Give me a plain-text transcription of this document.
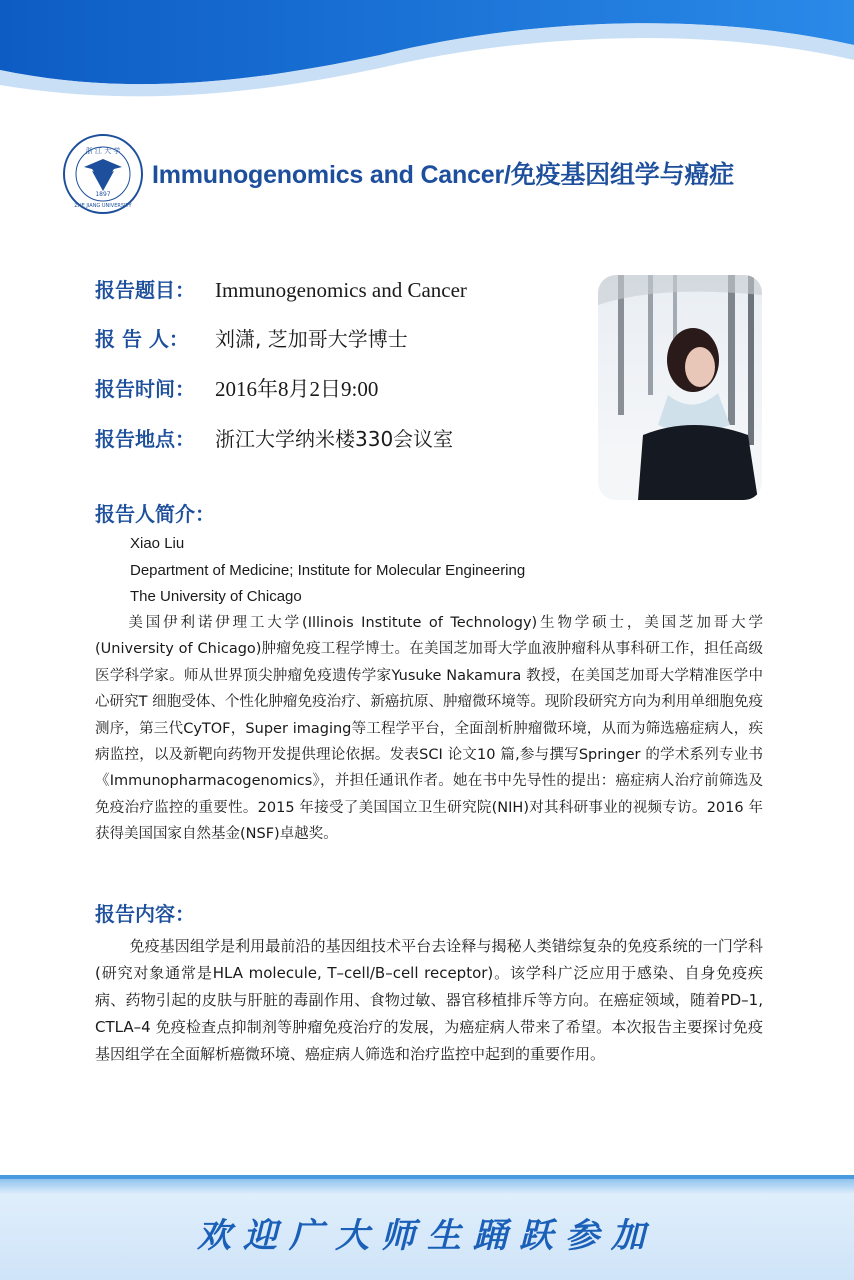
浙 江 大 学
1897
ZHE JIANG UNIVERSITY
Immunogenomics and Cancer/免疫基因组学与癌症
报告题目： Immunogenomics and Cancer
报 告 人：	刘潇, 芝加哥大学博士
报告时间： 2016年8月2日9:00
报告地点：	浙江大学纳米楼330会议室
报告人简介：
Xiao Liu
Department of Medicine; Institute for Molecular Engineering
The University of Chicago
美国伊利诺伊理工大学(Illinois Institute of Technology)生物学硕士，美国芝加哥大学(University of Chicago)肿瘤免疫工程学博士。在美国芝加哥大学血液肿瘤科从事科研工作，担任高级医学科学家。师从世界顶尖肿瘤免疫遗传学家Yusuke Nakamura 教授，在美国芝加哥大学精准医学中心研究T 细胞受体、个性化肿瘤免疫治疗、新癌抗原、肿瘤微环境等。现阶段研究方向为利用单细胞免疫测序，第三代CyTOF，Super imaging等工程学平台，全面剖析肿瘤微环境，从而为筛选癌症病人，疾病监控，以及新靶向药物开发提供理论依据。发表SCI 论文10 篇,参与撰写Springer 的学术系列专业书《Immunopharmacogenomics》，并担任通讯作者。她在书中先导性的提出：癌症病人治疗前筛选及免疫治疗监控的重要性。2015 年接受了美国国立卫生研究院(NIH)对其科研事业的视频专访。2016 年获得美国国家自然基金(NSF)卓越奖。
报告内容：
免疫基因组学是利用最前沿的基因组技术平台去诠释与揭秘人类错综复杂的免疫系统的一门学科 (研究对象通常是HLA molecule, T–cell/B–cell receptor)。该学科广泛应用于感染、自身免疫疾病、药物引起的皮肤与肝脏的毒副作用、食物过敏、器官移植排斥等方向。在癌症领域，随着PD–1, CTLA–4 免疫检查点抑制剂等肿瘤免疫治疗的发展，为癌症病人带来了希望。本次报告主要探讨免疫基因组学在全面解析癌微环境、癌症病人筛选和治疗监控中起到的重要作用。
欢迎广大师生踊跃参加
